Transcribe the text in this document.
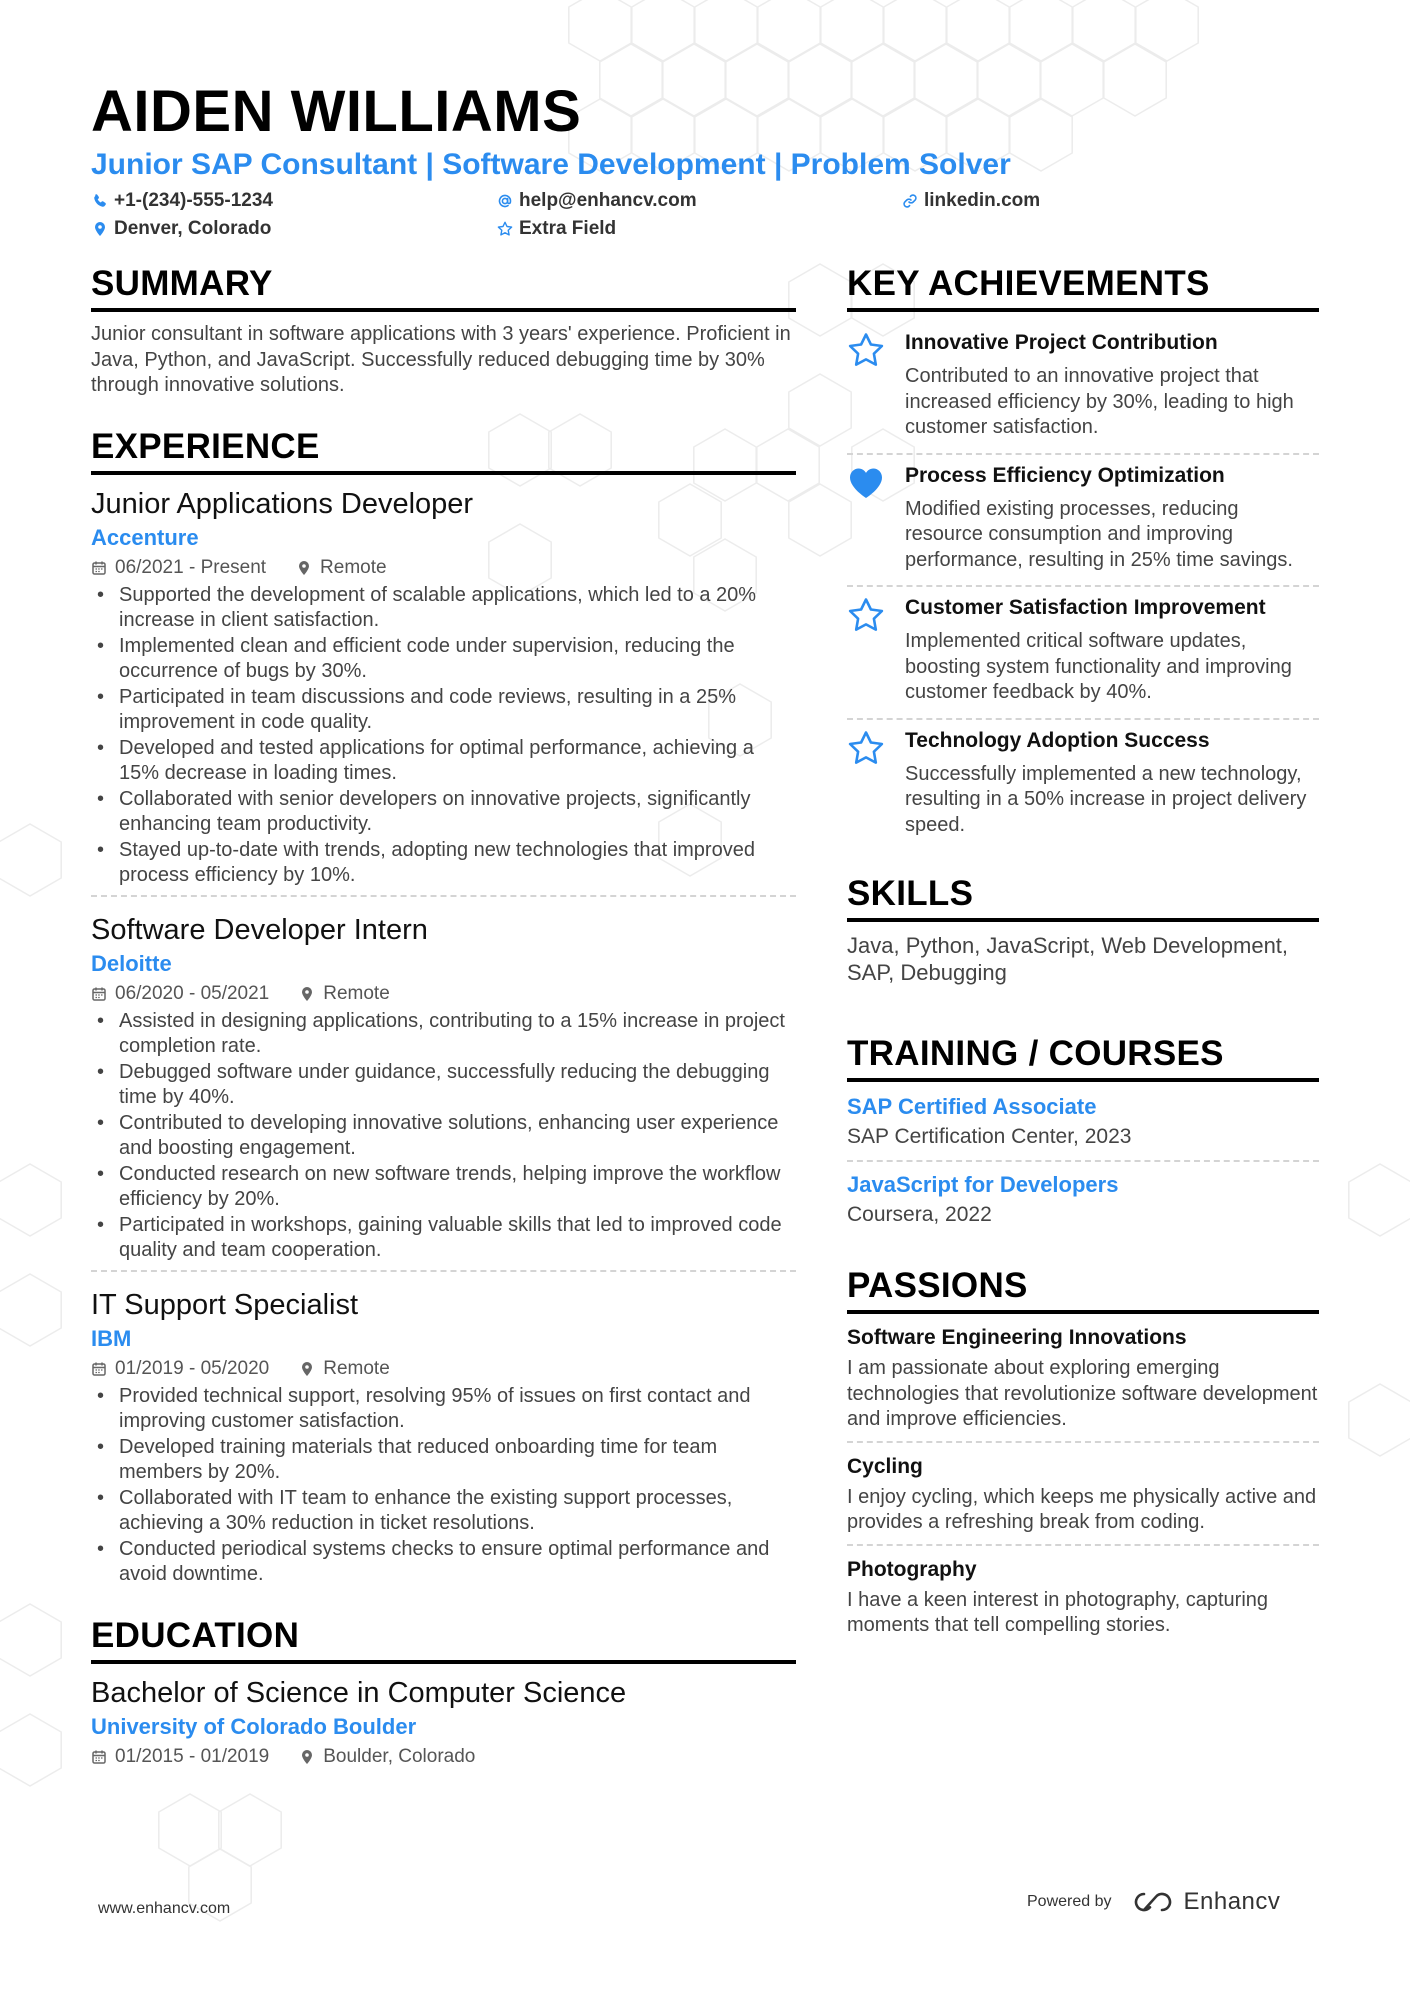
AIDEN WILLIAMS
Junior SAP Consultant | Software Development | Problem Solver
+1-(234)-555-1234	help@enhancv.com	linkedin.com
Denver, Colorado	Extra Field
SUMMARY
Junior consultant in software applications with 3 years' experience. Proficient in Java, Python, and JavaScript. Successfully reduced debugging time by 30% through innovative solutions.
EXPERIENCE
Junior Applications Developer
Accenture
06/2021 - Present	Remote
• Supported the development of scalable applications, which led to a 20% increase in client satisfaction.
• Implemented clean and efficient code under supervision, reducing the occurrence of bugs by 30%.
• Participated in team discussions and code reviews, resulting in a 25% improvement in code quality.
• Developed and tested applications for optimal performance, achieving a 15% decrease in loading times.
• Collaborated with senior developers on innovative projects, significantly enhancing team productivity.
• Stayed up-to-date with trends, adopting new technologies that improved process efficiency by 10%.
Software Developer Intern
Deloitte
06/2020 - 05/2021	Remote
• Assisted in designing applications, contributing to a 15% increase in project completion rate.
• Debugged software under guidance, successfully reducing the debugging time by 40%.
• Contributed to developing innovative solutions, enhancing user experience and boosting engagement.
• Conducted research on new software trends, helping improve the workflow efficiency by 20%.
• Participated in workshops, gaining valuable skills that led to improved code quality and team cooperation.
IT Support Specialist
IBM
01/2019 - 05/2020	Remote
• Provided technical support, resolving 95% of issues on first contact and improving customer satisfaction.
• Developed training materials that reduced onboarding time for team members by 20%.
• Collaborated with IT team to enhance the existing support processes, achieving a 30% reduction in ticket resolutions.
• Conducted periodical systems checks to ensure optimal performance and avoid downtime.
EDUCATION
Bachelor of Science in Computer Science
University of Colorado Boulder
01/2015 - 01/2019	Boulder, Colorado
KEY ACHIEVEMENTS
Innovative Project Contribution
Contributed to an innovative project that increased efficiency by 30%, leading to high customer satisfaction.
Process Efficiency Optimization
Modified existing processes, reducing resource consumption and improving performance, resulting in 25% time savings.
Customer Satisfaction Improvement
Implemented critical software updates, boosting system functionality and improving customer feedback by 40%.
Technology Adoption Success
Successfully implemented a new technology, resulting in a 50% increase in project delivery speed.
SKILLS
Java, Python, JavaScript, Web Development, SAP, Debugging
TRAINING / COURSES
SAP Certified Associate
SAP Certification Center, 2023
JavaScript for Developers
Coursera, 2022
PASSIONS
Software Engineering Innovations
I am passionate about exploring emerging technologies that revolutionize software development and improve efficiencies.
Cycling
I enjoy cycling, which keeps me physically active and provides a refreshing break from coding.
Photography
I have a keen interest in photography, capturing moments that tell compelling stories.
www.enhancv.com	Powered by	Enhancv
